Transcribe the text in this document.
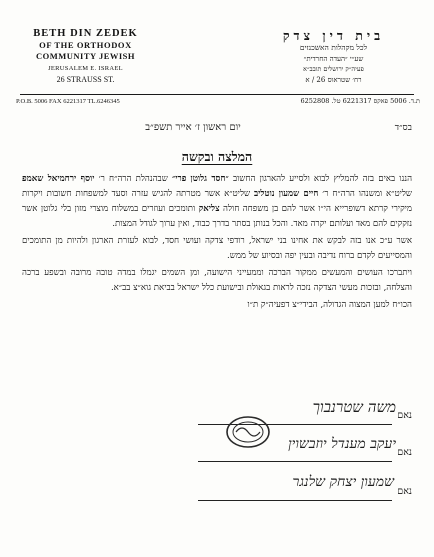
BETH DIN ZEDEK
OF THE ORTHODOX
COMMUNITY JEWISH
JERUSALEM E. ISRAEL
26 STRAUSS ST.
P.O.B. 5006 FAX 6221317 TL.6246345
בית דין צדק
לכל מקהלות האשכנזים
שע״י ״העדה החרדית״
פעיה״ק ירושלים תובב״א
רח׳ שטראוס 26 / א
ת.ד. 5006 פאקס 6221317 טל. 6252808
בס״ד
יום ראשון ז׳ אייר תשפ״ב
המלצה ובקשה

הננו באים בזה להמליץ לבוא ולסייע להארגון החשוב ״חסד גלוטן פרי״ שבהנהלת הרה״ח ר׳ יוסף ירחמיאל שאמפ שליט״א ומשנהו הרה״ח ר׳ חיים שמעון נוטליב שליט״א אשר מטרתה להגיש עזרה וסעד למשפחות חשובות ויקרות מיקירי קרתא דשופרייא הי״ו אשר להם בן משפחה חולה צליאק ותומכים ועוזרים במשלוח מוצרי מזון בלי גלוטן אשר נזקקים להם מאד ועלותם יקרה מאד. והכל בנותן בסתר בדרך כבוד, ואין ערוך לגודל המצות.

אשר ע״כ אנו בזה לבקש את אחינו בני ישראל, רודפי צדקה ועושי חסד, לבוא לעזרת הארגון ולהיות מן התומכים והמסייעים לקדם ברוח נדיבה ובעין יפה ובסיוע של ממש.

ויתברכו העושים והמעשים ממקור הברכה וממעייני הישועה, ומן השמים יגמלו במדה טובה מרובה ובשפע ברכה והצלחה, ובזכות מעשי הצדקה נזכה לראות בגאולת ובישועת כלל ישראל בביאת גוא״צ בב״א.

הכו״ח למען המצוה הגדולה, הבידי״צ דפעיה״ק ת״ו

נאם
משה שטרנבוך
נאם
יעקב מענדל יוזבשוין
נאם
שמעון יצחק שלנגר
